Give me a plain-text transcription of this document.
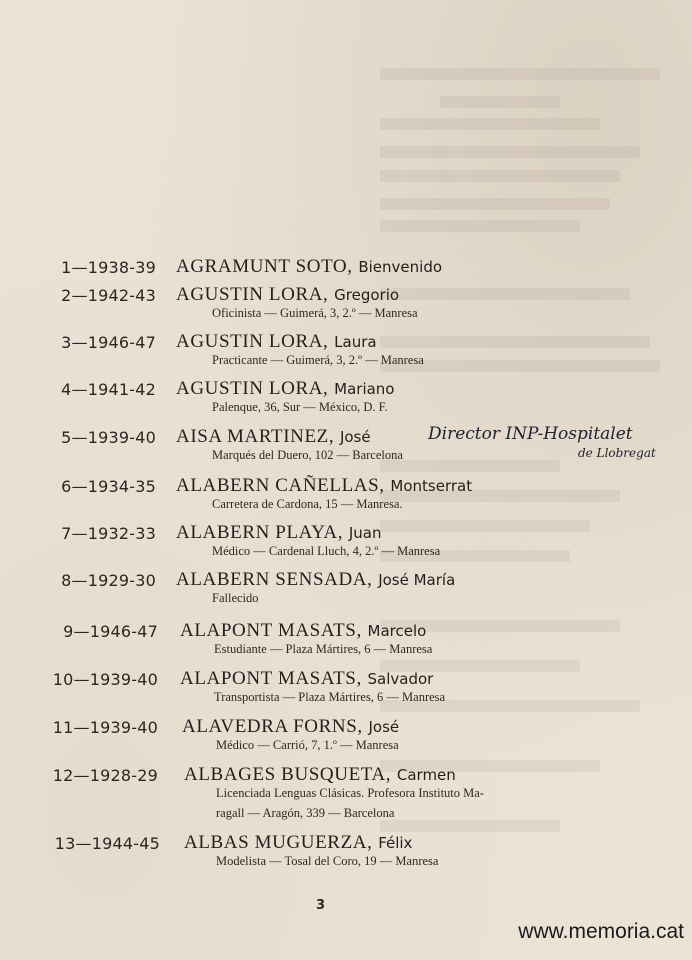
1—1938-39 AGRAMUNT SOTO, Bienvenido
2—1942-43 AGUSTIN LORA, Gregorio
Oficinista — Guimerá, 3, 2.º — Manresa
3—1946-47 AGUSTIN LORA, Laura
Practicante — Guimerá, 3, 2.º — Manresa
4—1941-42 AGUSTIN LORA, Mariano
Palenque, 36, Sur — México, D. F.
5—1939-40 AISA MARTINEZ, José
Marqués del Duero, 102 — Barcelona
Director INP-Hospitalet
de Llobregat
6—1934-35 ALABERN CAÑELLAS, Montserrat
Carretera de Cardona, 15 — Manresa.
7—1932-33 ALABERN PLAYA, Juan
Médico — Cardenal Lluch, 4, 2.º — Manresa
8—1929-30 ALABERN SENSADA, José María
Fallecido
9—1946-47 ALAPONT MASATS, Marcelo
Estudiante — Plaza Mártires, 6 — Manresa
10—1939-40 ALAPONT MASATS, Salvador
Transportista — Plaza Mártires, 6 — Manresa
11—1939-40 ALAVEDRA FORNS, José
Médico — Carrió, 7, 1.º — Manresa
12—1928-29 ALBAGES BUSQUETA, Carmen
Licenciada Lenguas Clásicas. Profesora Instituto Ma-
ragall — Aragón, 339 — Barcelona
13—1944-45 ALBAS MUGUERZA, Félix
Modelista — Tosal del Coro, 19 — Manresa
3
www.memoria.cat
